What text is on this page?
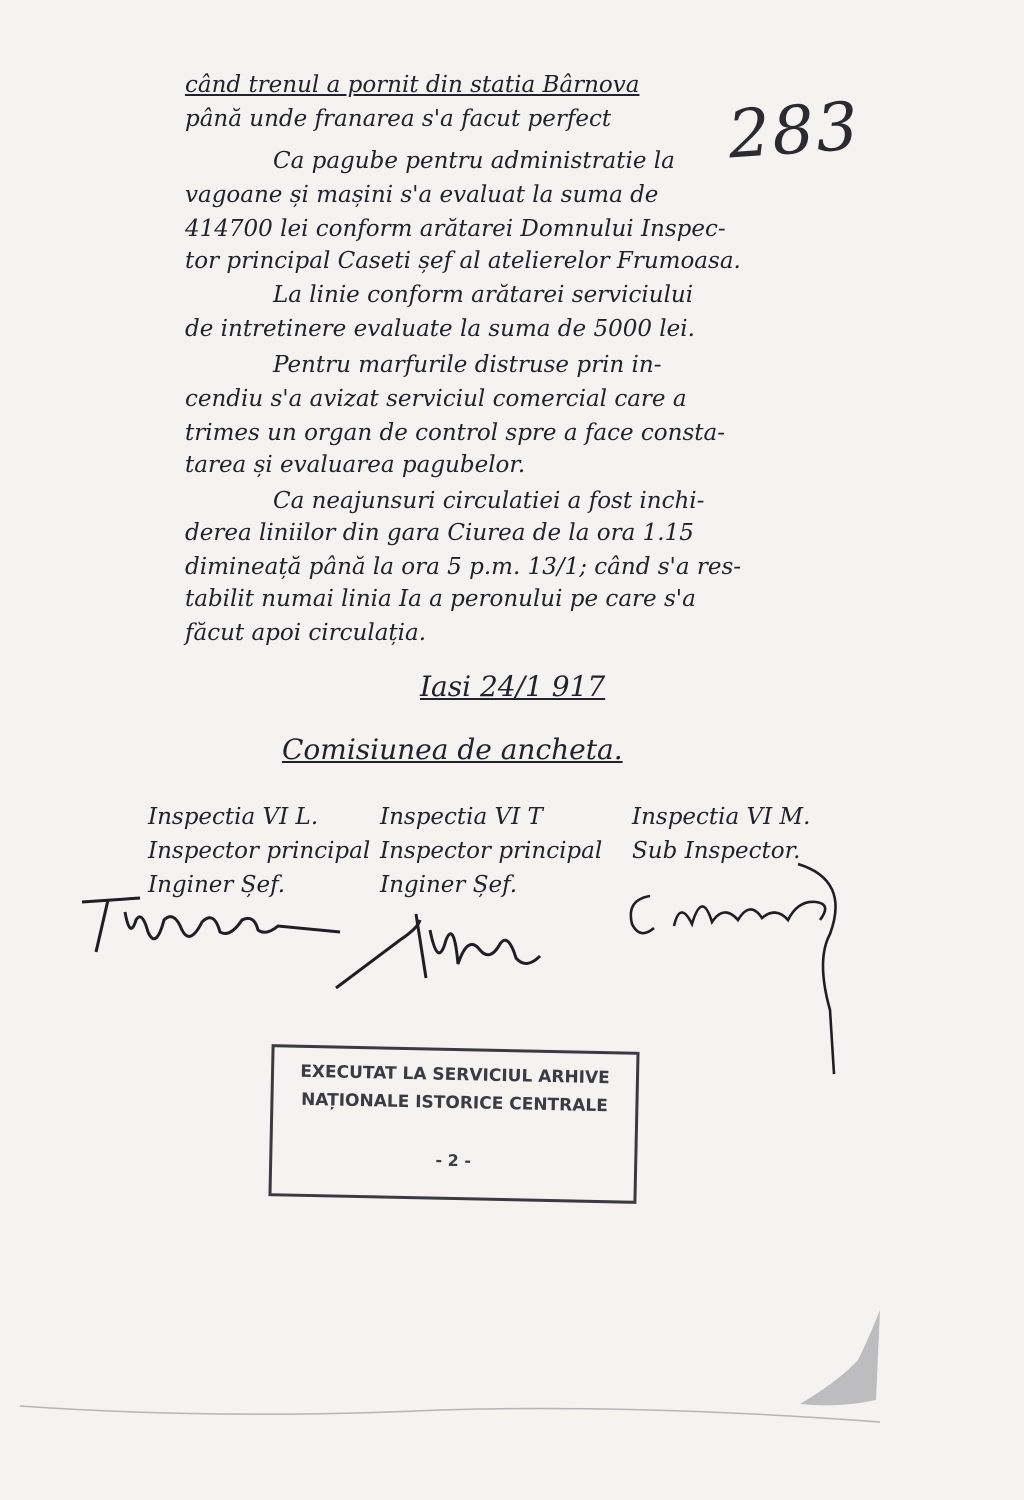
283
când trenul a pornit din statia Bârnova
până unde franarea s'a facut perfect
Ca pagube pentru administratie la
vagoane și mașini s'a evaluat la suma de
414700 lei conform arătarei Domnului Inspec-
tor principal Caseti șef al atelierelor Frumoasa.
La linie conform arătarei serviciului
de intretinere evaluate la suma de 5000 lei.
Pentru marfurile distruse prin in-
cendiu s'a avizat serviciul comercial care a
trimes un organ de control spre a face consta-
tarea și evaluarea pagubelor.
Ca neajunsuri circulatiei a fost inchi-
derea liniilor din gara Ciurea de la ora 1.15
dimineață până la ora 5 p.m. 13/1; când s'a res-
tabilit numai linia Ia a peronului pe care s'a
făcut apoi circulația.
Iasi 24/1 917
Comisiunea de ancheta.
Inspectia VI L.
Inspector principal
Inginer Șef.
Inspectia VI T
Inspector principal
Inginer Șef.
Inspectia VI M.
Sub Inspector.
EXECUTAT LA SERVICIUL ARHIVE
NAȚIONALE ISTORICE CENTRALE
- 2 -
